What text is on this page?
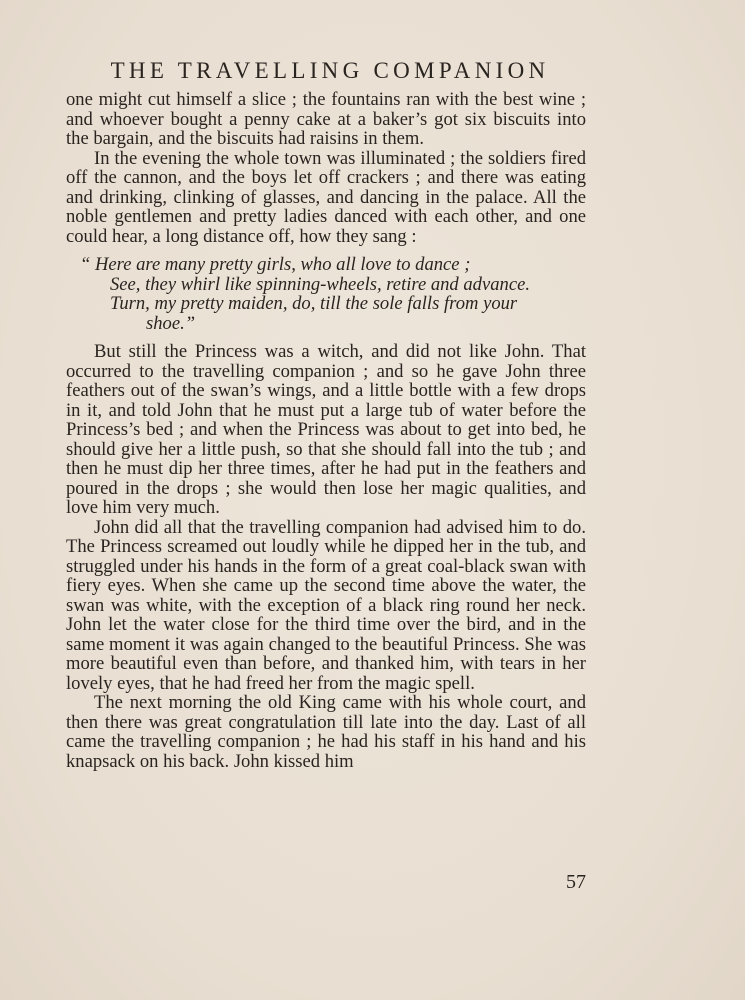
THE TRAVELLING COMPANION

one might cut himself a slice ; the fountains ran with the best wine ; and whoever bought a penny cake at a baker’s got six biscuits into the bargain, and the biscuits had raisins in them.

In the evening the whole town was illuminated ; the soldiers fired off the cannon, and the boys let off crackers ; and there was eating and drinking, clinking of glasses, and dancing in the palace. All the noble gentlemen and pretty ladies danced with each other, and one could hear, a long distance off, how they sang :

“ Here are many pretty girls, who all love to dance ;
See, they whirl like spinning-wheels, retire and advance.
Turn, my pretty maiden, do, till the sole falls from your
shoe.”

But still the Princess was a witch, and did not like John. That occurred to the travelling companion ; and so he gave John three feathers out of the swan’s wings, and a little bottle with a few drops in it, and told John that he must put a large tub of water before the Princess’s bed ; and when the Princess was about to get into bed, he should give her a little push, so that she should fall into the tub ; and then he must dip her three times, after he had put in the feathers and poured in the drops ; she would then lose her magic qualities, and love him very much.

John did all that the travelling companion had advised him to do. The Princess screamed out loudly while he dipped her in the tub, and struggled under his hands in the form of a great coal-black swan with fiery eyes. When she came up the second time above the water, the swan was white, with the exception of a black ring round her neck. John let the water close for the third time over the bird, and in the same moment it was again changed to the beautiful Princess. She was more beautiful even than before, and thanked him, with tears in her lovely eyes, that he had freed her from the magic spell.

The next morning the old King came with his whole court, and then there was great congratulation till late into the day. Last of all came the travelling companion ; he had his staff in his hand and his knapsack on his back. John kissed him

57
